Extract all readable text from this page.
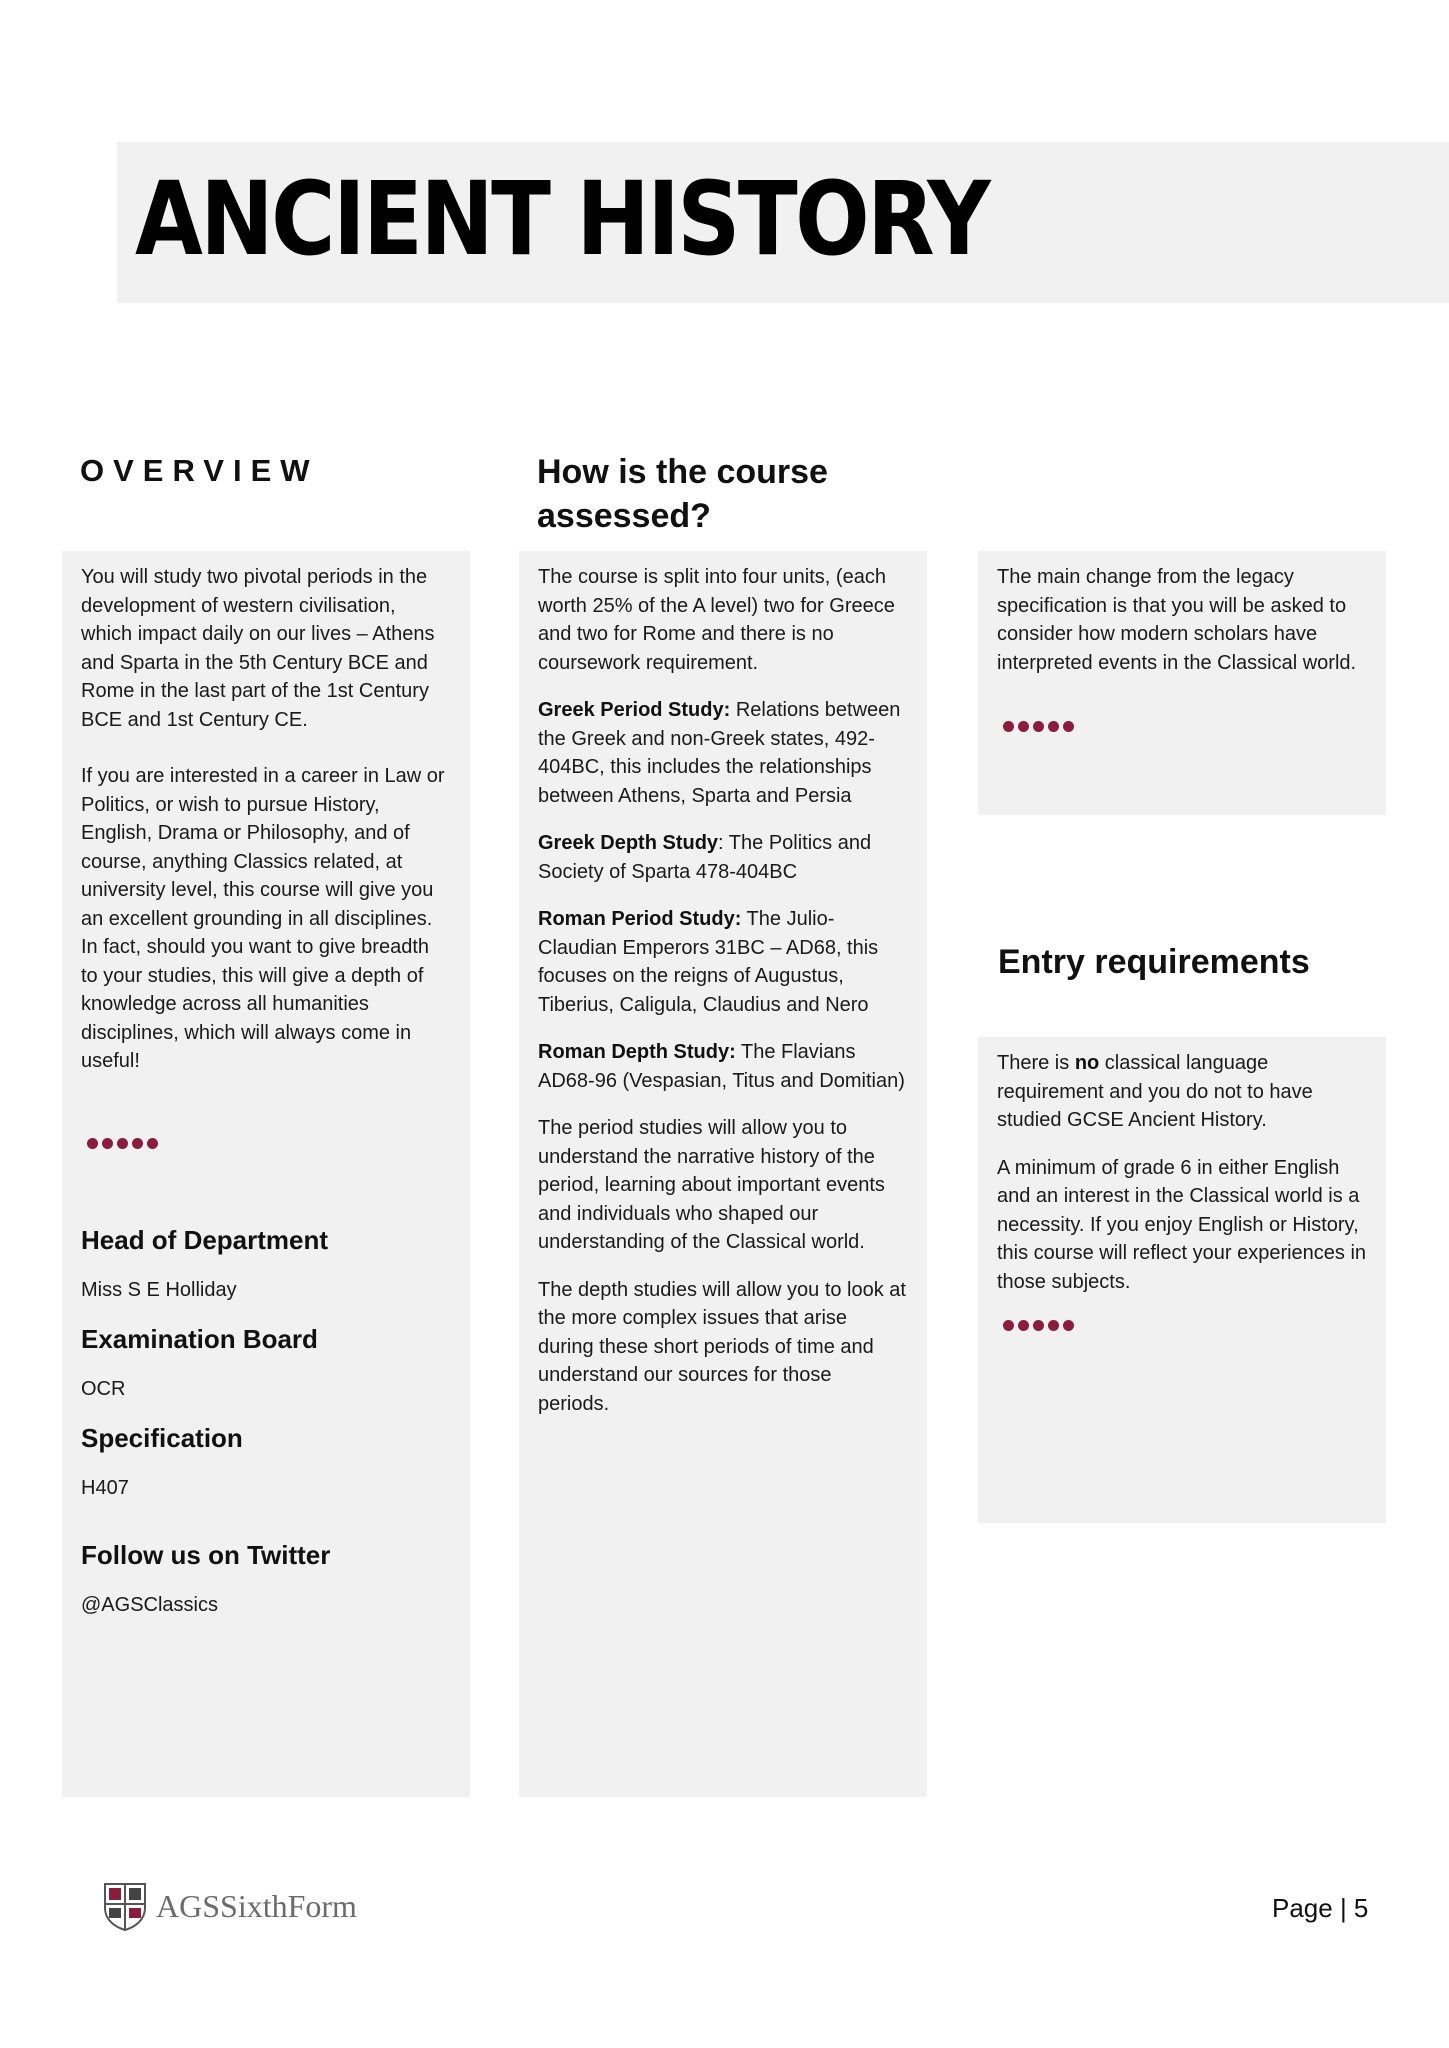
ANCIENT HISTORY
OVERVIEW	How is the course assessed?
Entry requirements

You will study two pivotal periods in the development of western civilisation, which impact daily on our lives – Athens and Sparta in the 5th Century BCE and Rome in the last part of the 1st Century BCE and 1st Century CE.

If you are interested in a career in Law or Politics, or wish to pursue History, English, Drama or Philosophy, and of course, anything Classics related, at university level, this course will give you an excellent grounding in all disciplines. In fact, should you want to give breadth to your studies, this will give a depth of knowledge across all humanities disciplines, which will always come in useful!

Head of Department

Miss S E Holliday

Examination Board

OCR

Specification

H407

Follow us on Twitter

@AGSClassics

The course is split into four units, (each worth 25% of the A level) two for Greece and two for Rome and there is no coursework requirement.

Greek Period Study: Relations between the Greek and non-Greek states, 492-404BC, this includes the relationships between Athens, Sparta and Persia

Greek Depth Study: The Politics and Society of Sparta 478-404BC

Roman Period Study: The Julio-Claudian Emperors 31BC – AD68, this focuses on the reigns of Augustus, Tiberius, Caligula, Claudius and Nero

Roman Depth Study: The Flavians AD68-96 (Vespasian, Titus and Domitian)

The period studies will allow you to understand the narrative history of the period, learning about important events and individuals who shaped our understanding of the Classical world.

The depth studies will allow you to look at the more complex issues that arise during these short periods of time and understand our sources for those periods.

The main change from the legacy specification is that you will be asked to consider how modern scholars have interpreted events in the Classical world.

There is no classical language requirement and you do not to have studied GCSE Ancient History.

A minimum of grade 6 in either English and an interest in the Classical world is a necessity. If you enjoy English or History, this course will reflect your experiences in those subjects.

AGSSixthForm	Page | 5
